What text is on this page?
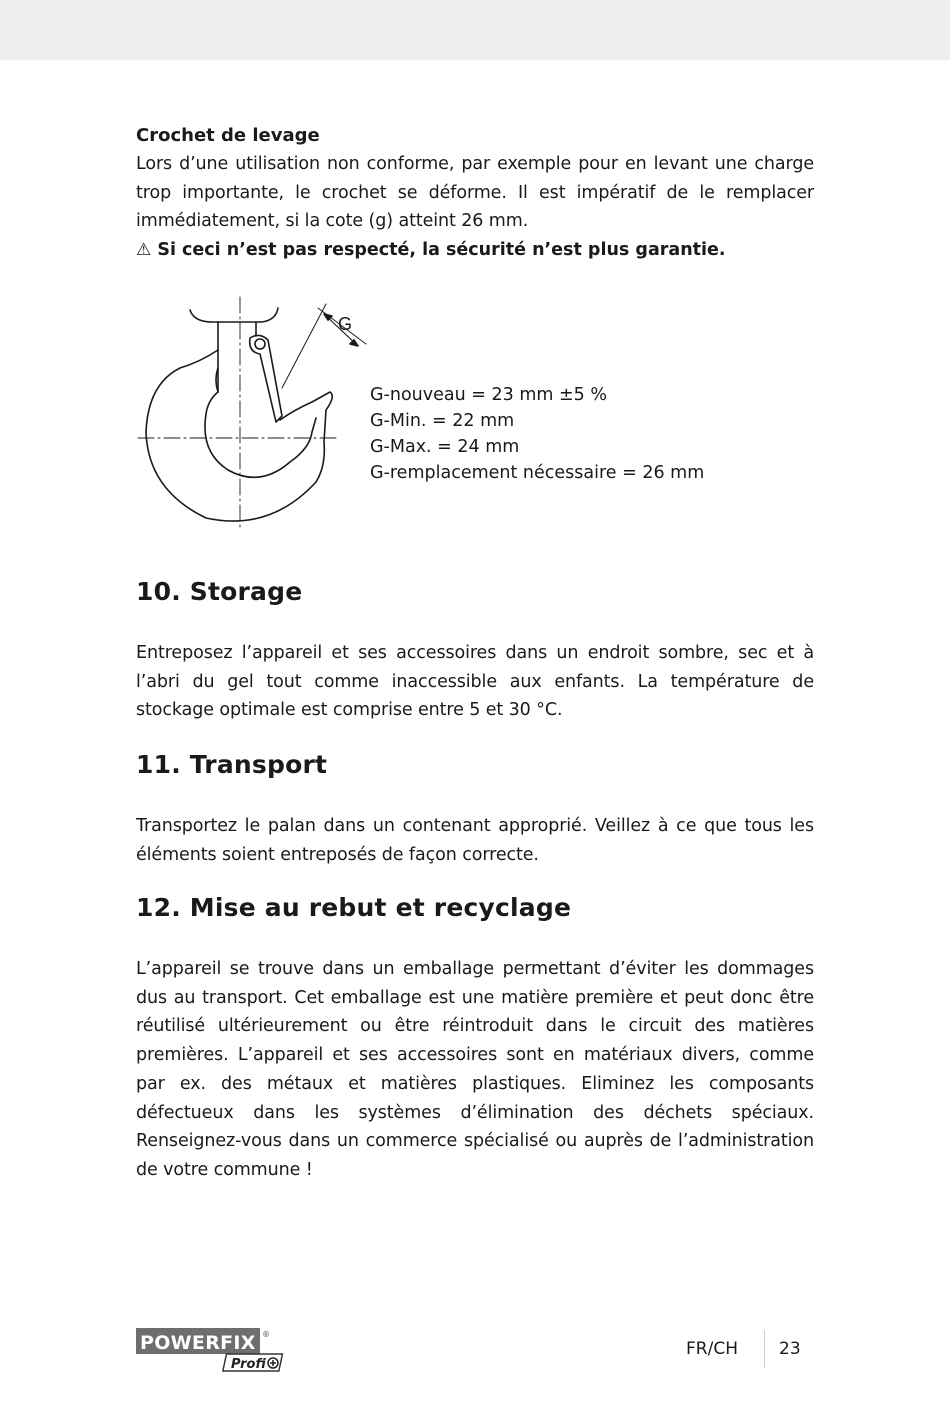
Crochet de levage

Lors d’une utilisation non conforme, par exemple pour en levant une charge trop importante, le crochet se déforme. Il est impératif de le remplacer immédiatement, si la cote (g) atteint 26 mm.

⚠ Si ceci n’est pas respecté, la sécurité n’est plus garantie.

G
G-nouveau = 23 mm ±5 %
G-Min. = 22 mm
G-Max. = 24 mm
G-remplacement nécessaire = 26 mm
10. Storage

Entreposez l’appareil et ses accessoires dans un endroit sombre, sec et à l’abri du gel tout comme inaccessible aux enfants. La température de stockage optimale est comprise entre 5 et 30 °C.

11. Transport

Transportez le palan dans un contenant approprié. Veillez à ce que tous les éléments soient entreposés de façon correcte.

12. Mise au rebut et recyclage

L’appareil se trouve dans un emballage permettant d’éviter les dommages dus au transport. Cet emballage est une matière première et peut donc être réutilisé ultérieurement ou être réintroduit dans le circuit des matières premières. L’appareil et ses accessoires sont en matériaux divers, comme par ex. des métaux et matières plastiques. Eliminez les composants défectueux dans les systèmes d’élimination des déchets spéciaux. Renseignez-vous dans un commerce spécialisé ou auprès de l’administration de votre commune !

POWERFIX ®
Profi
FR/CH 23
